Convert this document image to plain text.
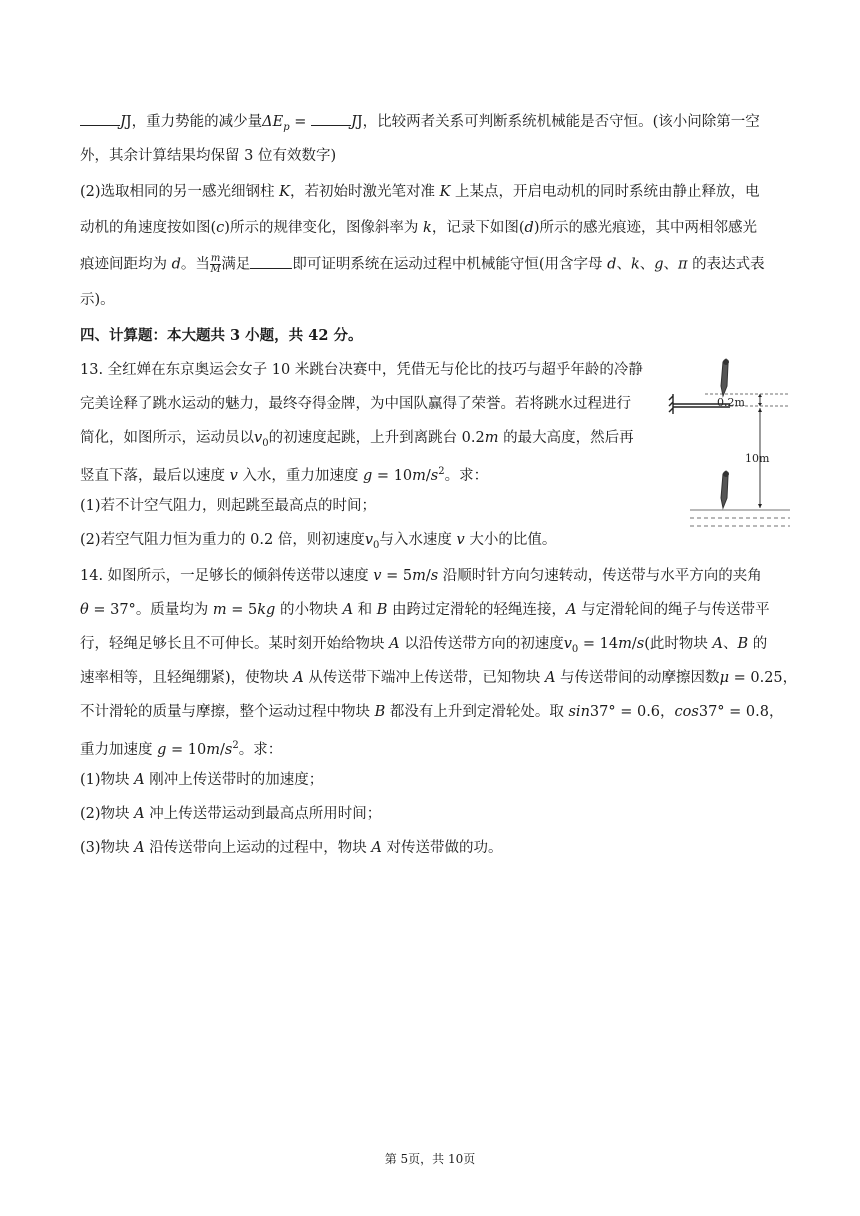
JJ，重力势能的减少量$\Delta E_p$ =	JJ，比较两者关系可判断系统机械能是否守恒。(该小问除第一空
外，其余计算结果均保留 3 位有效数字)
(2)选取相同的另一感光细钢柱 K，若初始时激光笔对准 K 上某点，开启电动机的同时系统由静止释放，电
动机的角速度按如图(c)所示的规律变化，图像斜率为 k，记录下如图(d)所示的感光痕迹，其中两相邻感光
痕迹间距均为 d。当 $\frac{m}{M}$ 满足	即可证明系统在运动过程中机械能守恒(用含字母 d、k、g、π 的表达式表
示)。
四、计算题：本大题共 3 小题，共 42 分。
13. 全红婵在东京奥运会女子 10 米跳台决赛中，凭借无与伦比的技巧与超乎年龄的冷静
完美诠释了跳水运动的魅力，最终夺得金牌，为中国队赢得了荣誉。若将跳水过程进行
简化，如图所示，运动员以$v_0$的初速度起跳，上升到离跳台 0.2m 的最大高度，然后再
竖直下落，最后以速度 v 入水，重力加速度 $g = 10m/s^2$。求：
(1)若不计空气阻力，则起跳至最高点的时间；
(2)若空气阻力恒为重力的 0.2 倍，则初速度$v_0$与入水速度 v 大小的比值。
0.2m
10m
14. 如图所示，一足够长的倾斜传送带以速度 v = 5m/s 沿顺时针方向匀速转动，传送带与水平方向的夹角
θ = 37°。质量均为 m = 5kg 的小物块 A 和 B 由跨过定滑轮的轻绳连接，A 与定滑轮间的绳子与传送带平
行，轻绳足够长且不可伸长。某时刻开始给物块 A 以沿传送带方向的初速度$v_0 = 14m/s$(此时物块 A、B 的
速率相等，且轻绳绷紧)，使物块 A 从传送带下端冲上传送带，已知物块 A 与传送带间的动摩擦因数μ = 0.25，
不计滑轮的质量与摩擦，整个运动过程中物块 B 都没有上升到定滑轮处。取 sin37° = 0.6，cos37° = 0.8，
重力加速度 $g = 10m/s^2$。求：
(1)物块 A 刚冲上传送带时的加速度；
(2)物块 A 冲上传送带运动到最高点所用时间；
(3)物块 A 沿传送带向上运动的过程中，物块 A 对传送带做的功。
第 5页，共 10页
